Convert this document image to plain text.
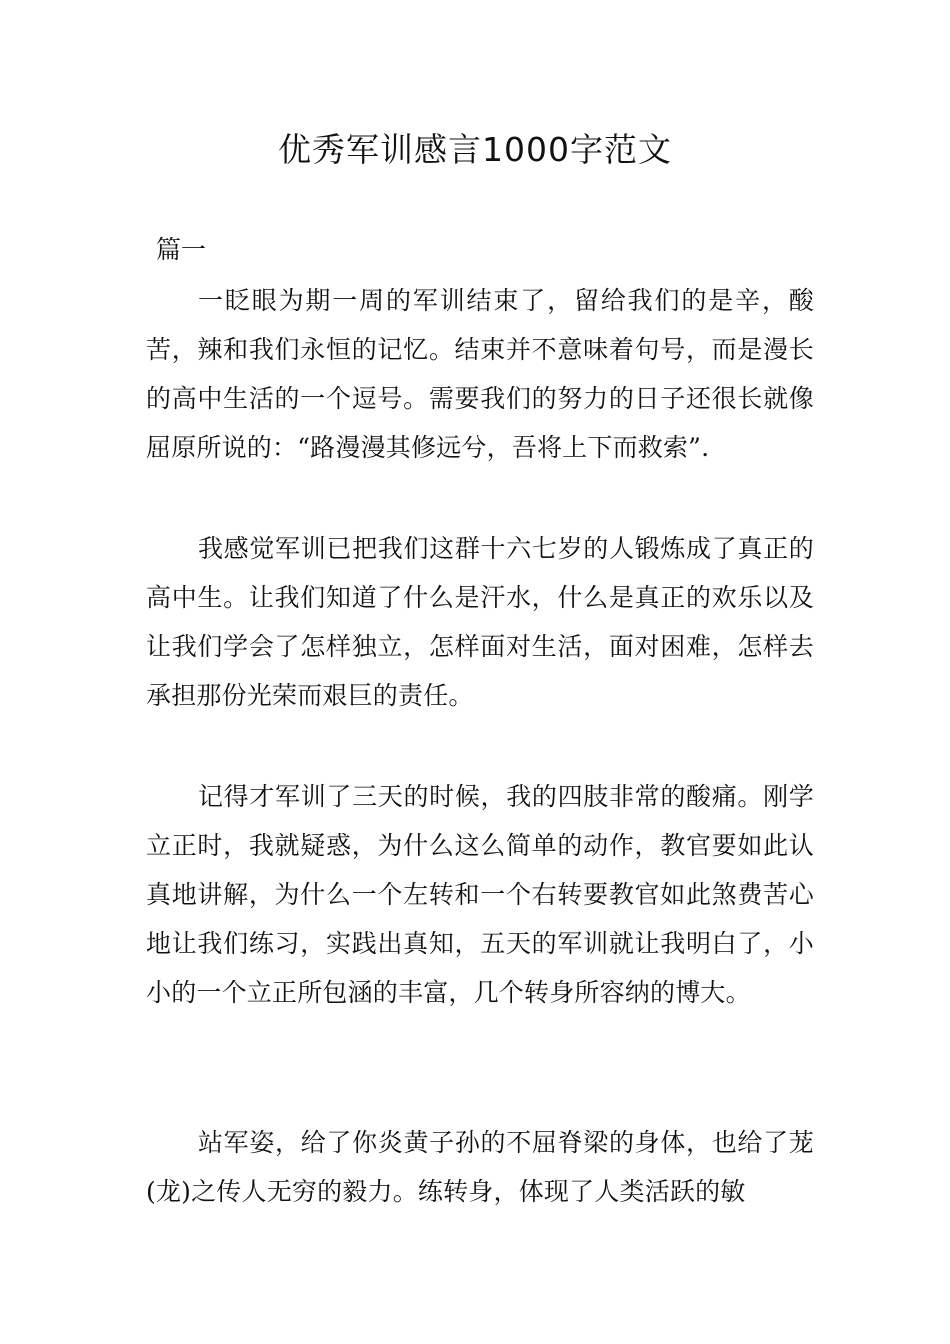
优秀军训感言1000字范文
篇一

一眨眼为期一周的军训结束了，留给我们的是辛，酸苦，辣和我们永恒的记忆。结束并不意味着句号，而是漫长的高中生活的一个逗号。需要我们的努力的日子还很长就像屈原所说的：“路漫漫其修远兮，吾将上下而救索”.

我感觉军训已把我们这群十六七岁的人锻炼成了真正的高中生。让我们知道了什么是汗水，什么是真正的欢乐以及让我们学会了怎样独立，怎样面对生活，面对困难，怎样去承担那份光荣而艰巨的责任。

记得才军训了三天的时候，我的四肢非常的酸痛。刚学立正时，我就疑惑，为什么这么简单的动作，教官要如此认真地讲解，为什么一个左转和一个右转要教官如此煞费苦心地让我们练习，实践出真知，五天的军训就让我明白了，小小的一个立正所包涵的丰富，几个转身所容纳的博大。

站军姿，给了你炎黄子孙的不屈脊梁的身体，也给了茏(龙)之传人无穷的毅力。练转身，体现了人类活跃的敏
